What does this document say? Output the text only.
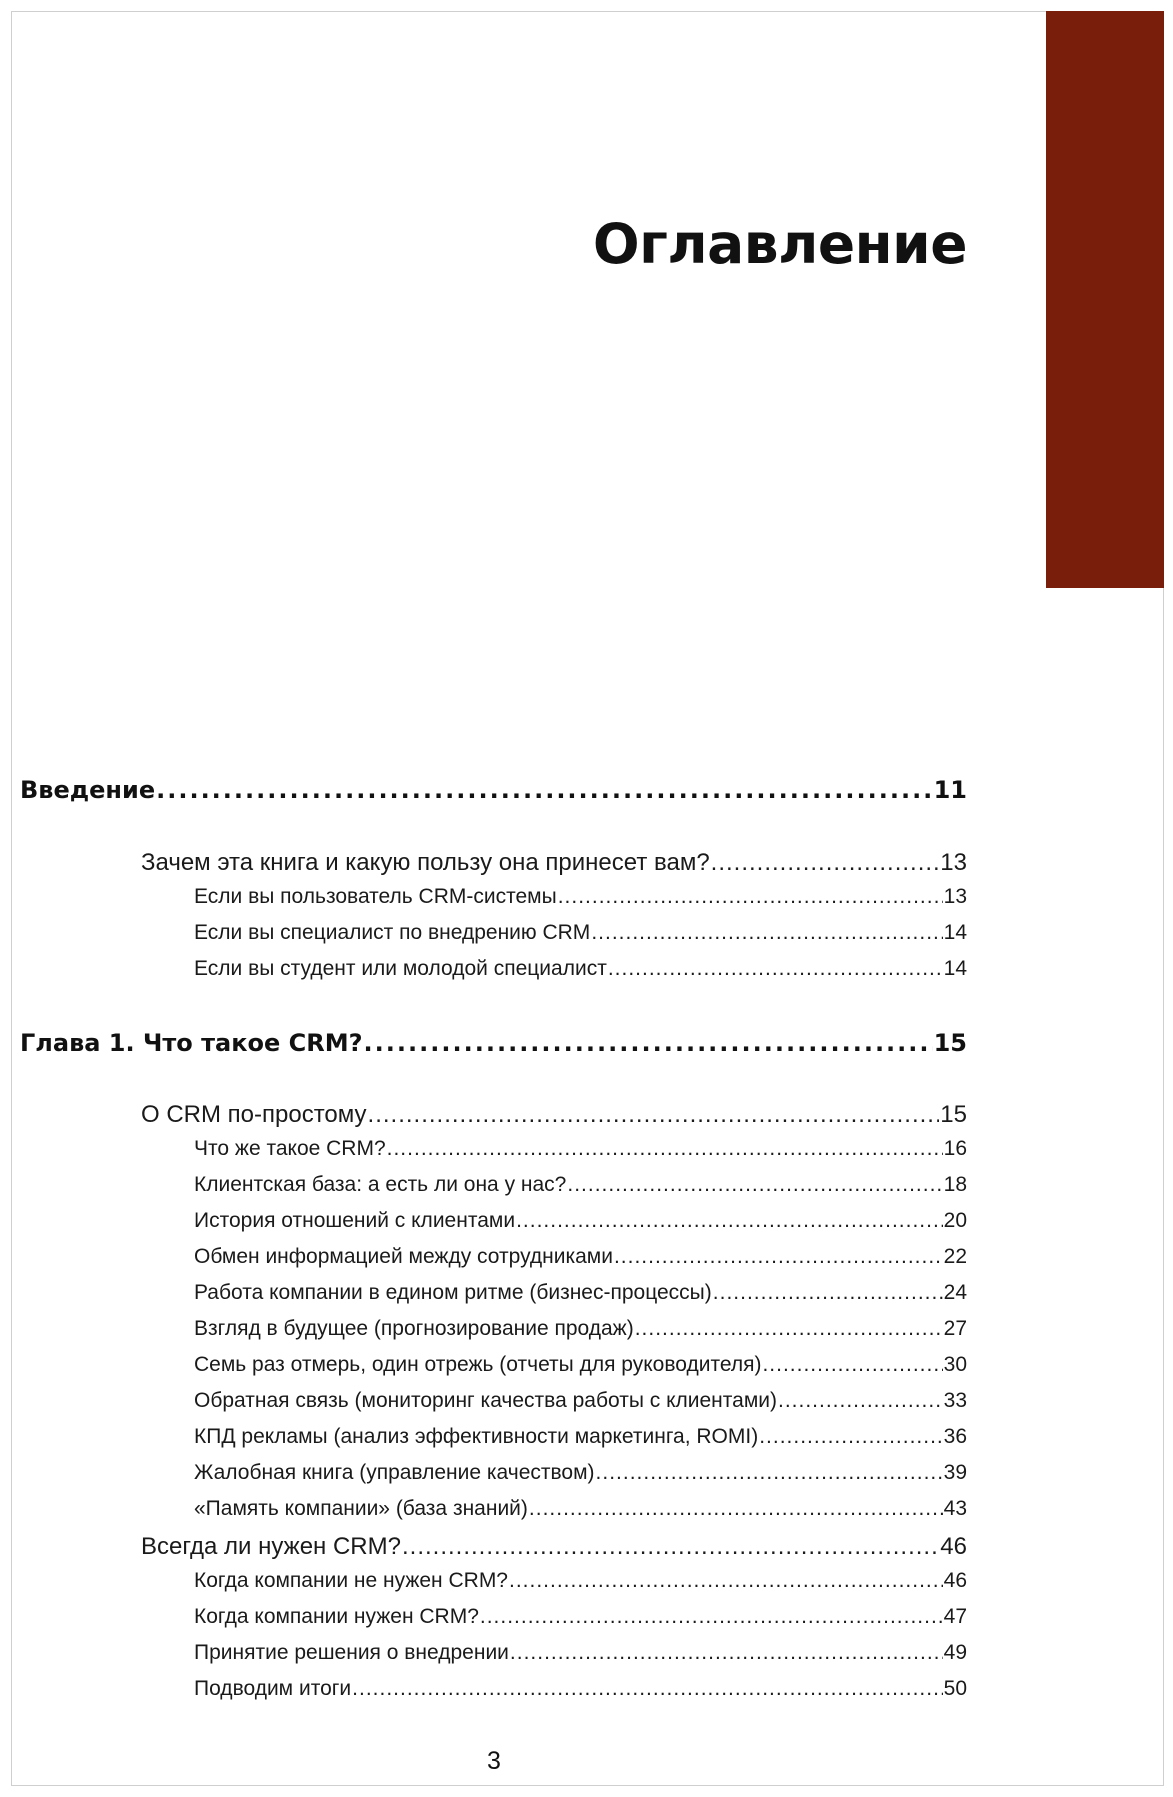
Оглавление
Введение .....	11
Зачем эта книга и какую пользу она принесет вам? .....	13
Если вы пользователь CRM-системы .....	13
Если вы специалист по внедрению CRM .....	14
Если вы студент или молодой специалист .....	14
Глава 1. Что такое CRM? .....	15
О CRM по-простому .....	15
Что же такое CRM? .....	16
Клиентская база: а есть ли она у нас? .....	18
История отношений с клиентами .....	20
Обмен информацией между сотрудниками .....	22
Работа компании в едином ритме (бизнес-процессы) .....	24
Взгляд в будущее (прогнозирование продаж) .....	27
Семь раз отмерь, один отрежь (отчеты для руководителя) .....	30
Обратная связь (мониторинг качества работы с клиентами) .....	33
КПД рекламы (анализ эффективности маркетинга, ROMI) .....	36
Жалобная книга (управление качеством) .....	39
«Память компании» (база знаний) .....	43
Всегда ли нужен CRM? .....	46
Когда компании не нужен CRM? .....	46
Когда компании нужен CRM? .....	47
Принятие решения о внедрении .....	49
Подводим итоги .....	50
3
